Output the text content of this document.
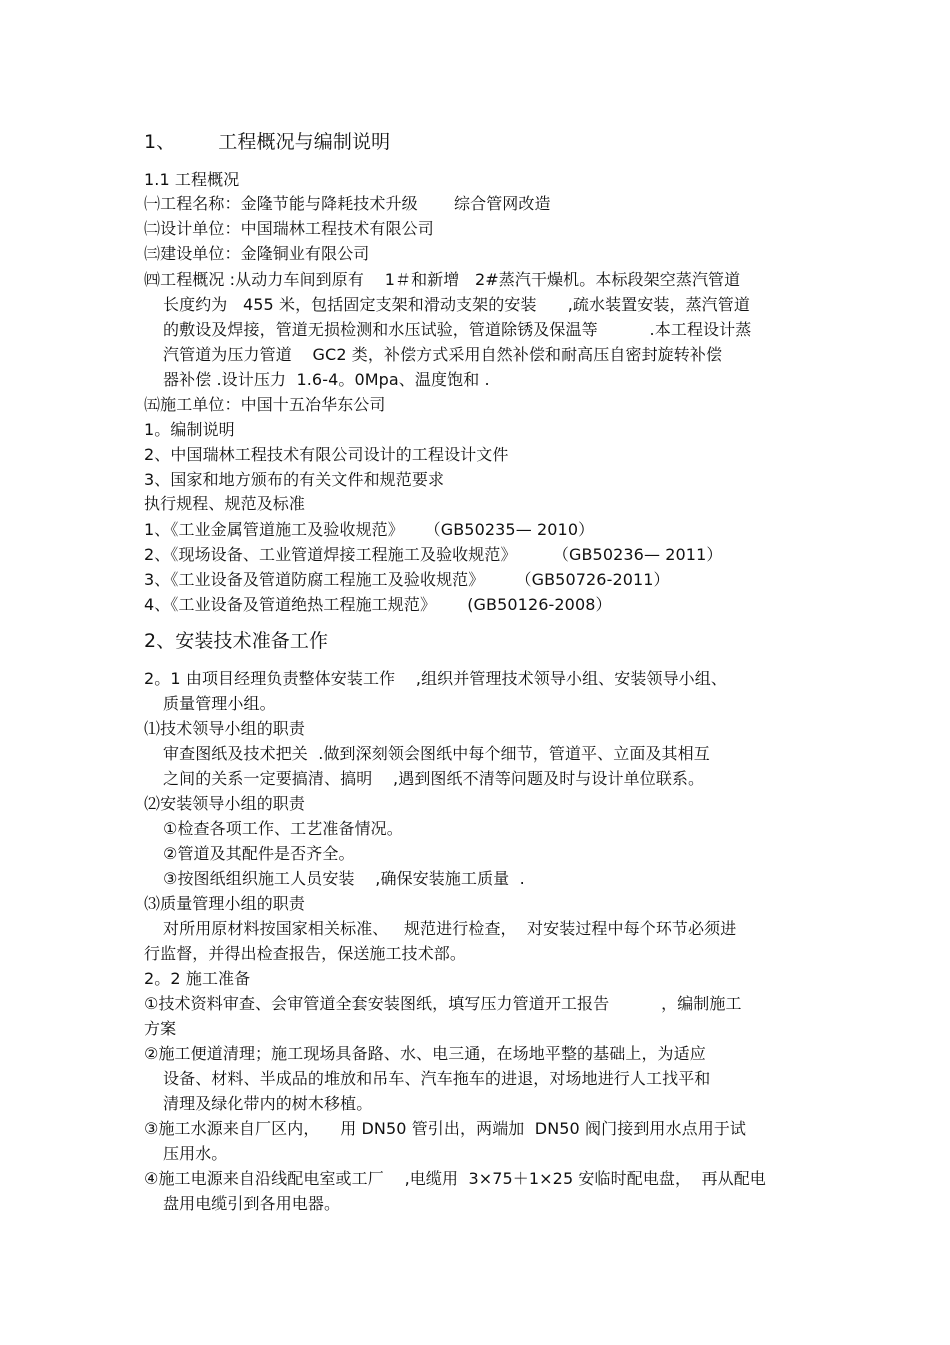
1、       工程概况与编制说明
1.1 工程概况
㈠工程名称：金隆节能与降耗技术升级       综合管网改造
㈡设计单位：中国瑞林工程技术有限公司
㈢建设单位：金隆铜业有限公司
㈣工程概况 :从动力车间到原有    1＃和新增   2#蒸汽干燥机。本标段架空蒸汽管道
长度约为   455 米，包括固定支架和滑动支架的安装      ,疏水装置安装，蒸汽管道
的敷设及焊接，管道无损检测和水压试验，管道除锈及保温等          .本工程设计蒸
汽管道为压力管道    GC2 类，补偿方式采用自然补偿和耐高压自密封旋转补偿
器补偿 .设计压力  1.6-4。0Mpa、温度饱和 .
㈤施工单位：中国十五冶华东公司
1。编制说明
2、中国瑞林工程技术有限公司设计的工程设计文件
3、国家和地方颁布的有关文件和规范要求
执行规程、规范及标准
1、《工业金属管道施工及验收规范》    （GB50235— 2010）
2、《现场设备、工业管道焊接工程施工及验收规范》       （GB50236— 2011）
3、《工业设备及管道防腐工程施工及验收规范》      （GB50726-2011）
4、《工业设备及管道绝热工程施工规范》      (GB50126-2008）
2、安装技术准备工作
2。1 由项目经理负责整体安装工作    ,组织并管理技术领导小组、安装领导小组、
质量管理小组。
⑴技术领导小组的职责
审查图纸及技术把关  .做到深刻领会图纸中每个细节，管道平、立面及其相互
之间的关系一定要搞清、搞明    ,遇到图纸不清等问题及时与设计单位联系。
⑵安装领导小组的职责
①检查各项工作、工艺准备情况。
②管道及其配件是否齐全。
③按图纸组织施工人员安装    ,确保安装施工质量  .
⑶质量管理小组的职责
对所用原材料按国家相关标准、   规范进行检查，  对安装过程中每个环节必须进
行监督，并得出检查报告，保送施工技术部。
2。2 施工准备
①技术资料审查、会审管道全套安装图纸，填写压力管道开工报告          ，编制施工
方案
②施工便道清理；施工现场具备路、水、电三通，在场地平整的基础上，为适应
设备、材料、半成品的堆放和吊车、汽车拖车的进退，对场地进行人工找平和
清理及绿化带内的树木移植。
③施工水源来自厂区内，    用 DN50 管引出，两端加  DN50 阀门接到用水点用于试
压用水。
④施工电源来自沿线配电室或工厂    ,电缆用  3×75＋1×25 安临时配电盘，  再从配电
盘用电缆引到各用电器。
